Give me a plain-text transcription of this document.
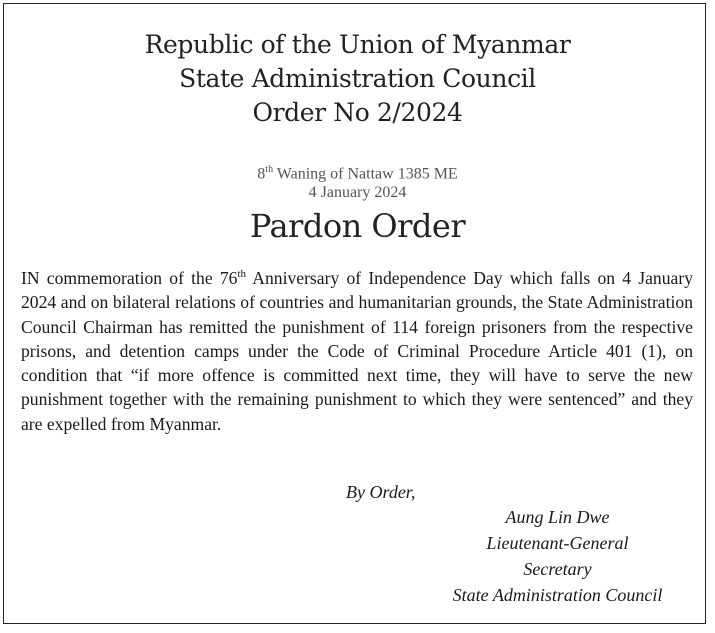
Republic of the Union of Myanmar
State Administration Council
Order No 2/2024
8th Waning of Nattaw 1385 ME
4 January 2024
Pardon Order
IN commemoration of the 76th Anniversary of Independence Day which falls on 4 January 2024 and on bilateral relations of countries and humanitarian grounds, the State Administration Council Chairman has remitted the punishment of 114 foreign prisoners from the respective prisons, and detention camps under the Code of Criminal Procedure Article 401 (1), on condition that “if more offence is committed next time, they will have to serve the new punishment together with the remaining punishment to which they were sentenced” and they are expelled from Myanmar.
By Order,
Aung Lin Dwe
Lieutenant-General
Secretary
State Administration Council
